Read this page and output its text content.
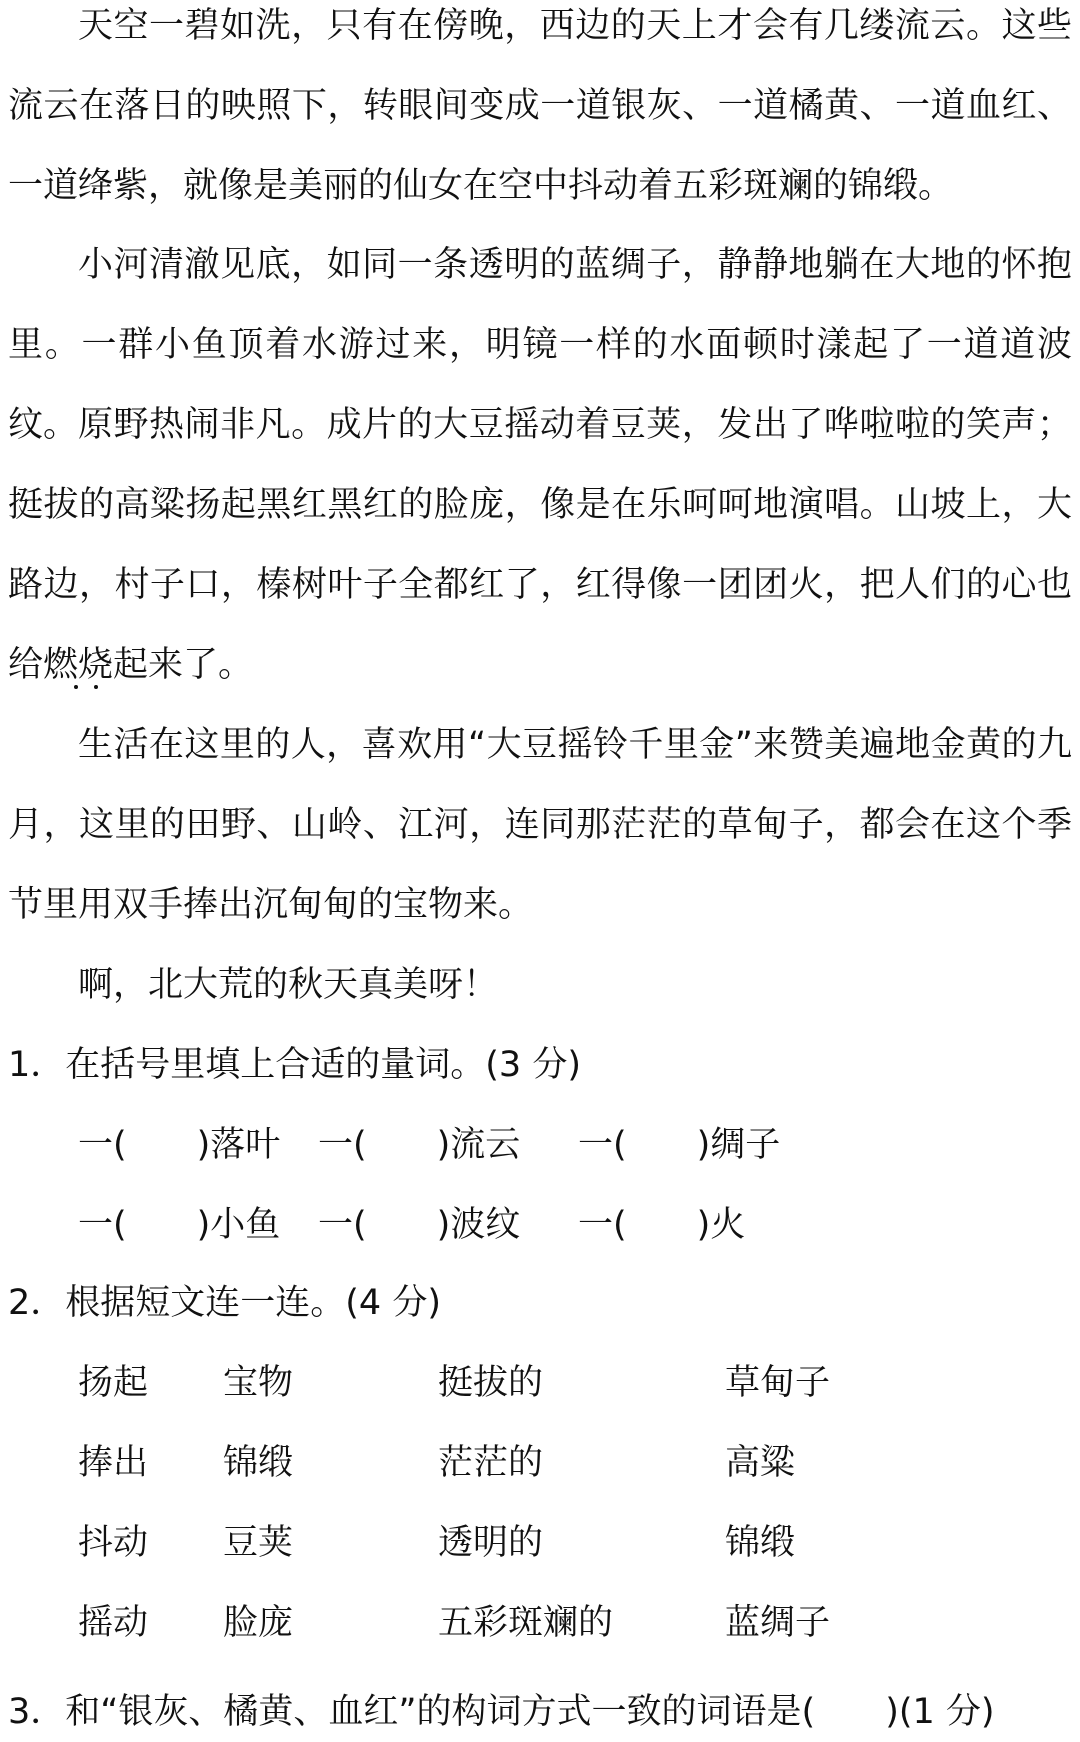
天空一碧如洗，只有在傍晚，西边的天上才会有几缕流云。这些流云在落日的映照下，转眼间变成一道银灰、一道橘黄、一道血红、一道绛紫，就像是美丽的仙女在空中抖动着五彩斑斓的锦缎。

小河清澈见底，如同一条透明的蓝绸子，静静地躺在大地的怀抱里。一群小鱼顶着水游过来，明镜一样的水面顿时漾起了一道道波纹。 原野热闹非凡。成片的大豆摇动着豆荚，发出了哗啦啦的笑声；挺拔的高粱扬起黑红黑红的脸庞，像是在乐呵呵地演唱。山坡上，大路边，村子口，榛树叶子全都红了，红得像一团团火，把人们的心也给燃烧起来了。

生活在这里的人，喜欢用“大豆摇铃千里金”来赞美遍地金黄的九月，这里的田野、山岭、江河，连同那茫茫的草甸子，都会在这个季节里用双手捧出沉甸甸的宝物来。

啊，北大荒的秋天真美呀！

1．在括号里填上合适的量词。(3 分)

一( )落叶	一( )流云	一( )绸子
一( )小鱼	一( )波纹	一( )火

2．根据短文连一连。(4 分)

扬起	宝物	挺拔的	草甸子
捧出	锦缎	茫茫的	高粱
抖动	豆荚	透明的	锦缎
摇动	脸庞	五彩斑斓的	蓝绸子

3．和“银灰、橘黄、血红”的构词方式一致的词语是(　　)(1 分)
